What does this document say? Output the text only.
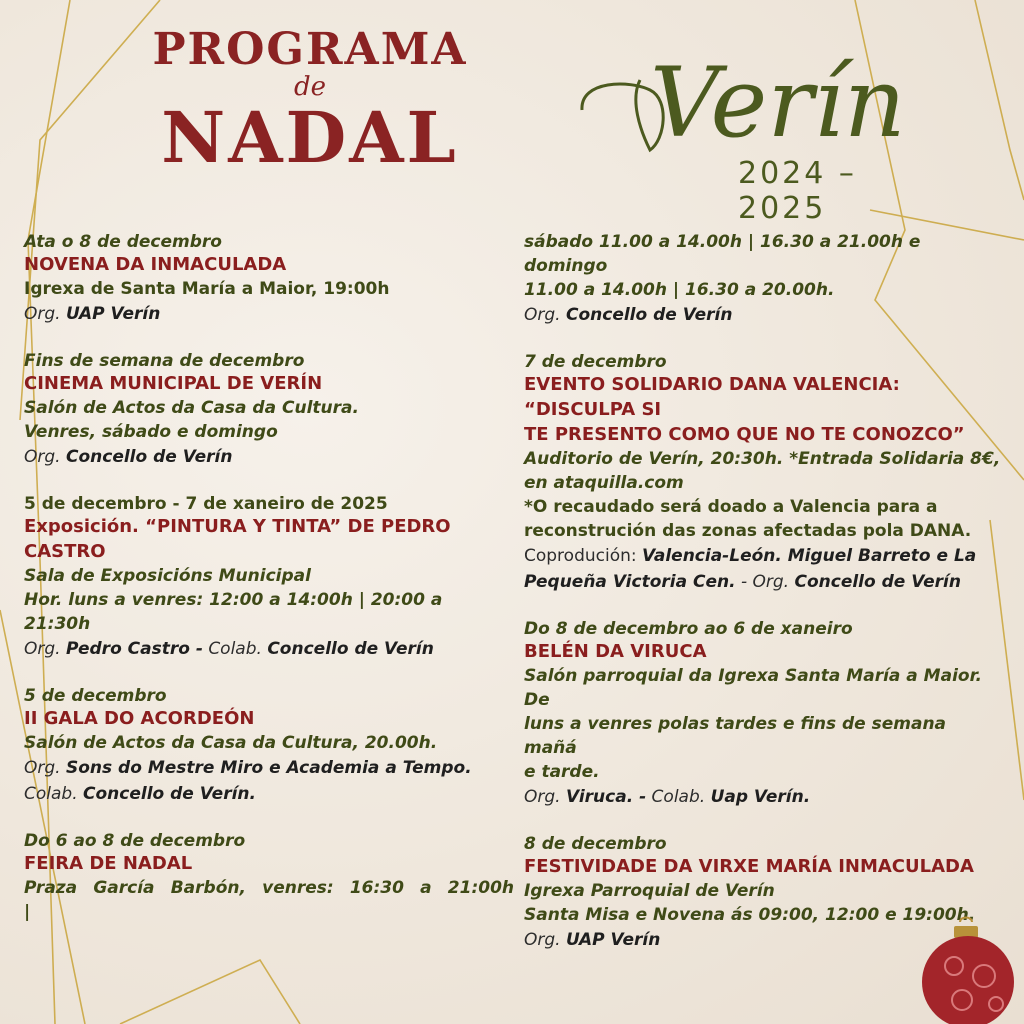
PROGRAMA
de
NADAL	Verín
2024 – 2025
Ata o 8 de decembro
NOVENA DA INMACULADA
Igrexa de Santa María a Maior, 19:00h
Org. UAP Verín
Fins de semana de decembro
CINEMA MUNICIPAL DE VERÍN
Salón de Actos da Casa da Cultura.
Venres, sábado e domingo
Org. Concello de Verín
5 de decembro - 7 de xaneiro de 2025
Exposición. “PINTURA Y TINTA” DE PEDRO CASTRO
Sala de Exposicións Municipal
Hor. luns a venres: 12:00 a 14:00h | 20:00 a 21:30h
Org. Pedro Castro - Colab. Concello de Verín
5 de decembro
II GALA DO ACORDEÓN
Salón de Actos da Casa da Cultura, 20.00h.
Org. Sons do Mestre Miro e Academia a Tempo.
Colab. Concello de Verín.
Do 6 ao 8 de decembro
FEIRA DE NADAL
Praza García Barbón, venres: 16:30 a 21:00h |
sábado 11.00 a 14.00h | 16.30 a 21.00h e domingo
11.00 a 14.00h | 16.30 a 20.00h.
Org. Concello de Verín
7 de decembro
EVENTO SOLIDARIO DANA VALENCIA: “DISCULPA SI
TE PRESENTO COMO QUE NO TE CONOZCO”
Auditorio de Verín, 20:30h. *Entrada Solidaria 8€,
en ataquilla.com
*O recaudado será doado a Valencia para a
reconstrución das zonas afectadas pola DANA.
Coprodución: Valencia-León. Miguel Barreto e La
Pequeña Victoria Cen. - Org. Concello de Verín
Do 8 de decembro ao 6 de xaneiro
BELÉN DA VIRUCA
Salón parroquial da Igrexa Santa María a Maior. De
luns a venres polas tardes e fins de semana mañá
e tarde.
Org. Viruca. - Colab. Uap Verín.
8 de decembro
FESTIVIDADE DA VIRXE MARÍA INMACULADA
Igrexa Parroquial de Verín
Santa Misa e Novena ás 09:00, 12:00 e 19:00h.
Org. UAP Verín
